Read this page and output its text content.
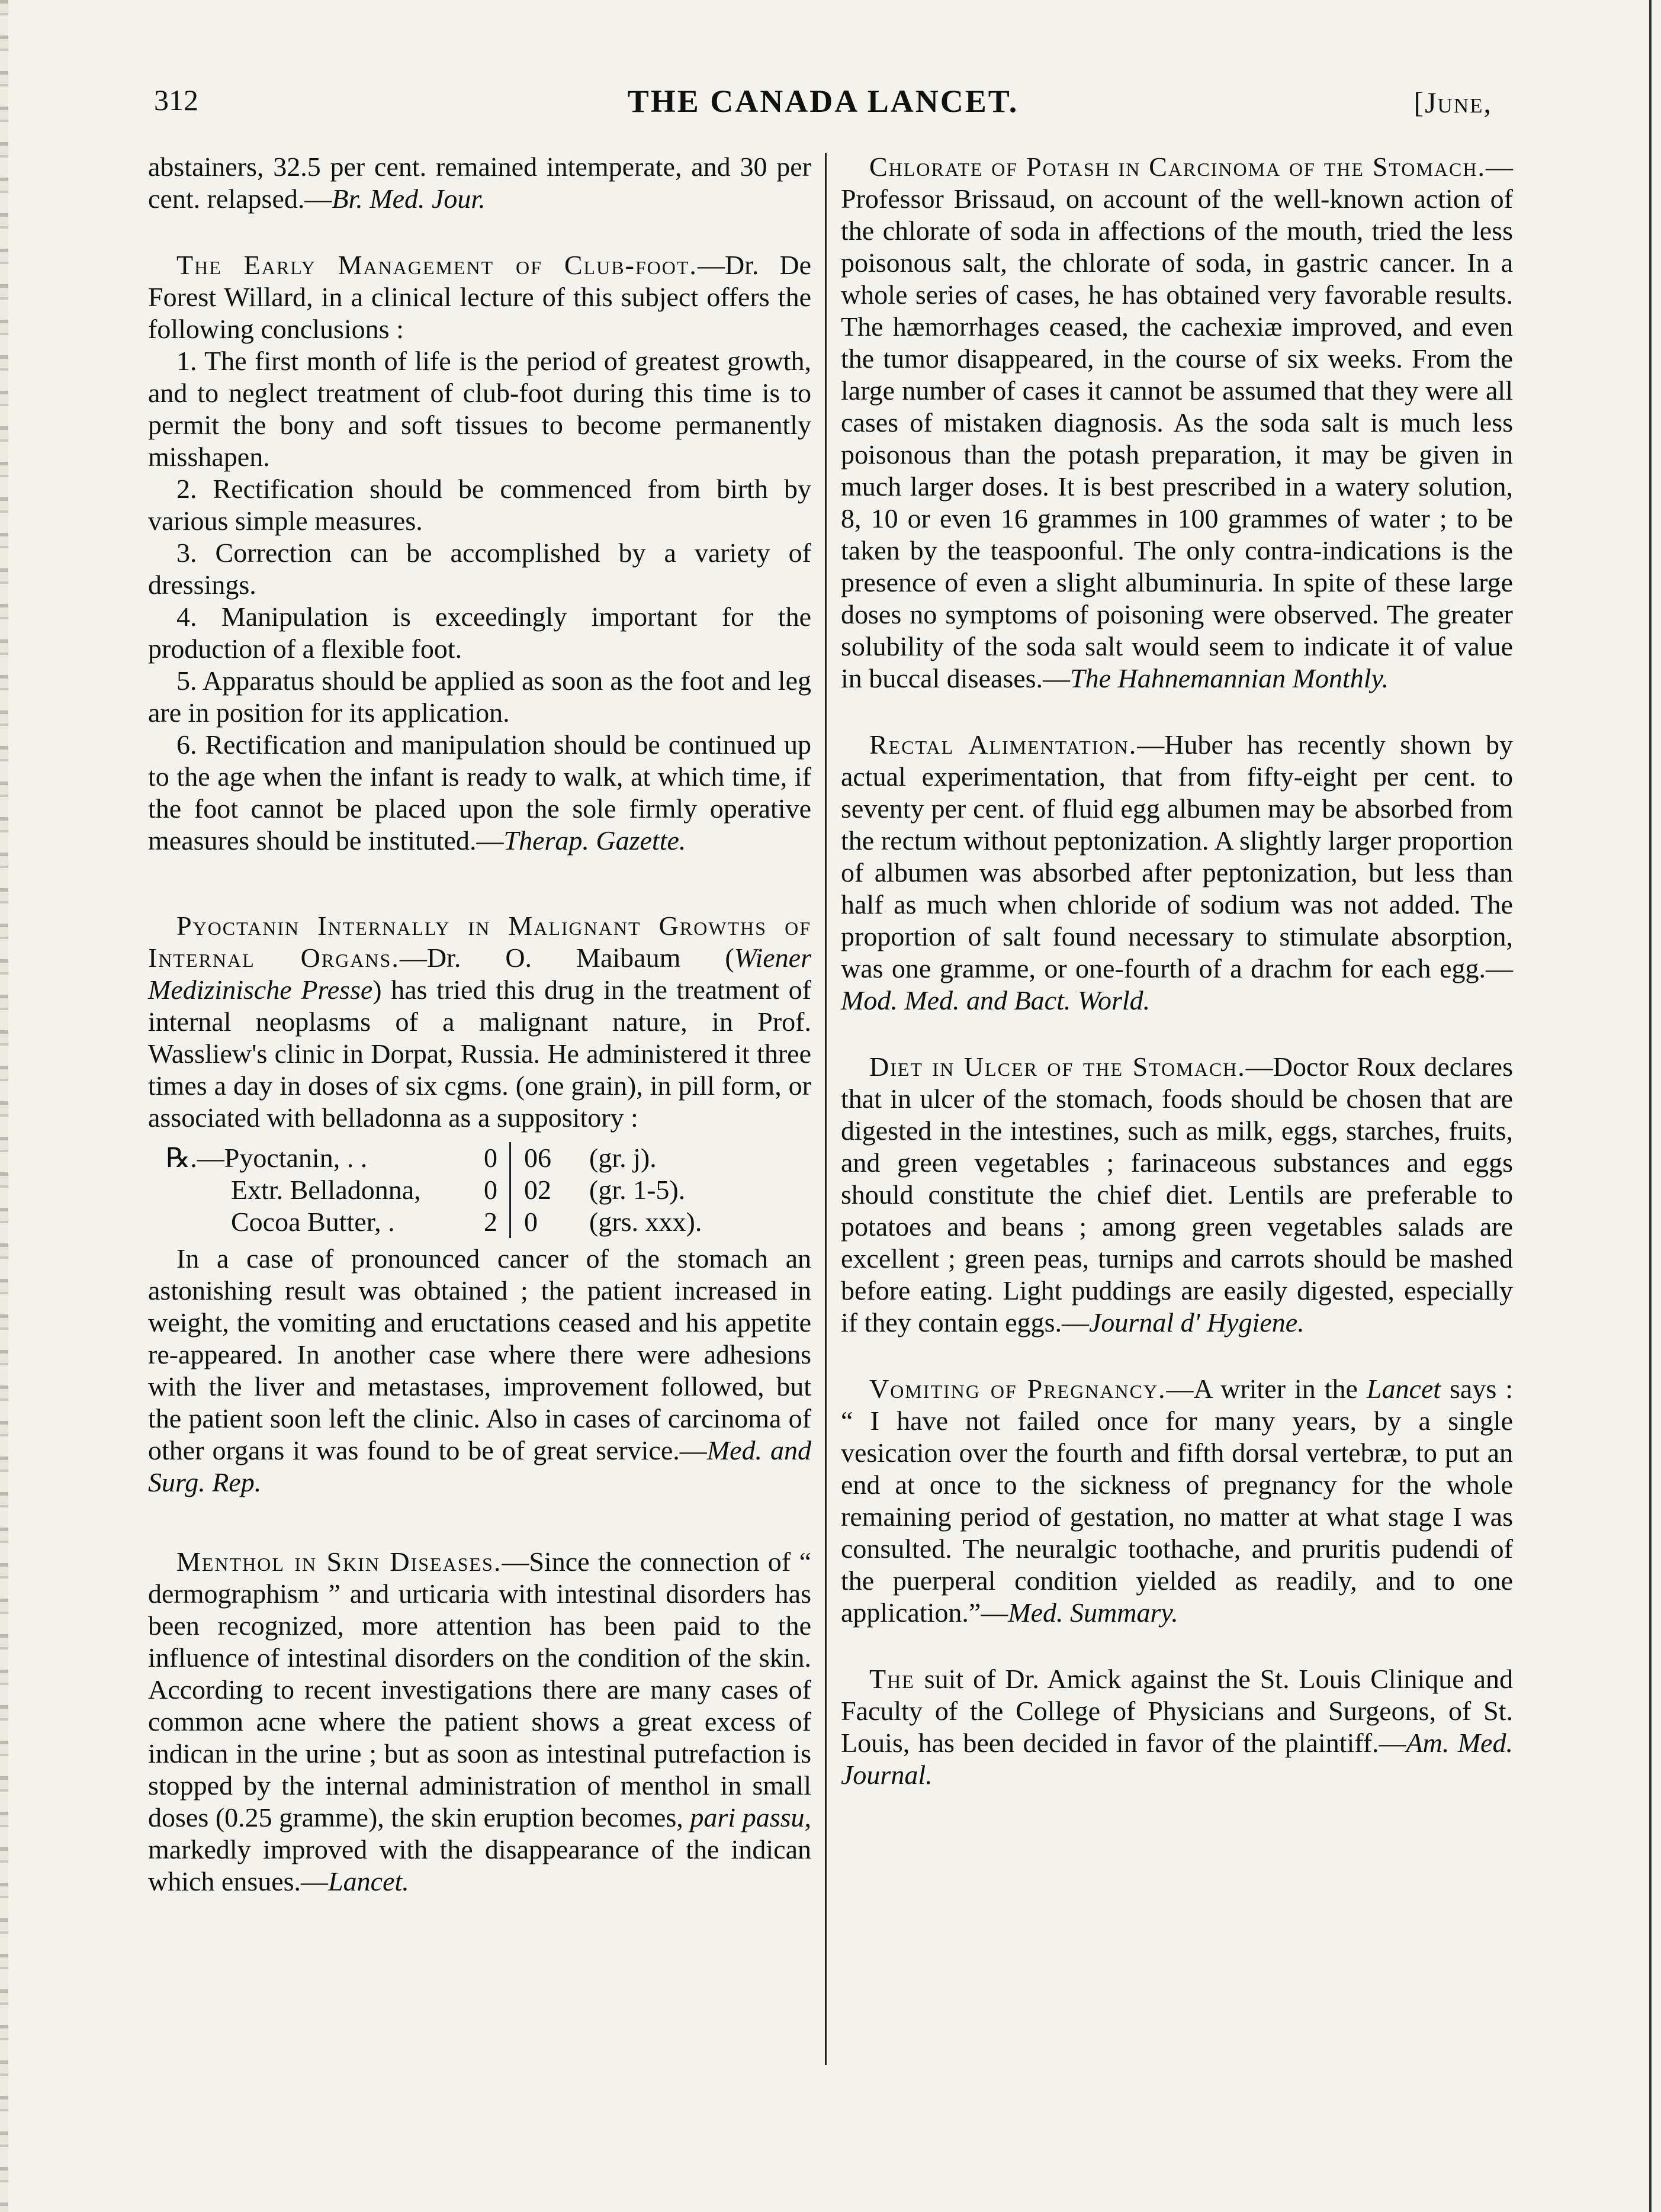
312	THE CANADA LANCET.	[June,

abstainers, 32.5 per cent. remained intemperate, and 30 per cent. relapsed.—Br. Med. Jour.

The Early Management of Club-foot.—Dr. De Forest Willard, in a clinical lecture of this subject offers the following conclusions :

1. The first month of life is the period of greatest growth, and to neglect treatment of club-foot during this time is to permit the bony and soft tissues to become permanently misshapen.

2. Rectification should be commenced from birth by various simple measures.

3. Correction can be accomplished by a variety of dressings.

4. Manipulation is exceedingly important for the production of a flexible foot.

5. Apparatus should be applied as soon as the foot and leg are in position for its application.

6. Rectification and manipulation should be continued up to the age when the infant is ready to walk, at which time, if the foot cannot be placed upon the sole firmly operative measures should be instituted.—Therap. Gazette.

Pyoctanin Internally in Malignant Growths of Internal Organs.—Dr. O. Maibaum (Wiener Medizinische Presse) has tried this drug in the treatment of internal neoplasms of a malignant nature, in Prof. Wassliew's clinic in Dorpat, Russia. He administered it three times a day in doses of six cgms. (one grain), in pill form, or associated with belladonna as a suppository :

℞.—Pyoctanin, . .	0 06	(gr. j).
Extr. Belladonna,	0 02	(gr. 1-5).
Cocoa Butter, .	2 0	(grs. xxx).

In a case of pronounced cancer of the stomach an astonishing result was obtained ; the patient increased in weight, the vomiting and eructations ceased and his appetite re-appeared. In another case where there were adhesions with the liver and metastases, improvement followed, but the patient soon left the clinic. Also in cases of carcinoma of other organs it was found to be of great service.—Med. and Surg. Rep.

Menthol in Skin Diseases.—Since the connection of “ dermographism ” and urticaria with intestinal disorders has been recognized, more attention has been paid to the influence of intestinal disorders on the condition of the skin. According to recent investigations there are many cases of common acne where the patient shows a great excess of indican in the urine ; but as soon as intestinal putrefaction is stopped by the internal administration of menthol in small doses (0.25 gramme), the skin eruption becomes, pari passu, markedly improved with the disappearance of the indican which ensues.—Lancet.

Chlorate of Potash in Carcinoma of the Stomach.—Professor Brissaud, on account of the well-known action of the chlorate of soda in affections of the mouth, tried the less poisonous salt, the chlorate of soda, in gastric cancer. In a whole series of cases, he has obtained very favorable results. The hæmorrhages ceased, the cachexiæ improved, and even the tumor disappeared, in the course of six weeks. From the large number of cases it cannot be assumed that they were all cases of mistaken diagnosis. As the soda salt is much less poisonous than the potash preparation, it may be given in much larger doses. It is best prescribed in a watery solution, 8, 10 or even 16 grammes in 100 grammes of water ; to be taken by the teaspoonful. The only contra-indications is the presence of even a slight albuminuria. In spite of these large doses no symptoms of poisoning were observed. The greater solubility of the soda salt would seem to indicate it of value in buccal diseases.—The Hahnemannian Monthly.

Rectal Alimentation.—Huber has recently shown by actual experimentation, that from fifty-eight per cent. to seventy per cent. of fluid egg albumen may be absorbed from the rectum without peptonization. A slightly larger proportion of albumen was absorbed after peptonization, but less than half as much when chloride of sodium was not added. The proportion of salt found necessary to stimulate absorption, was one gramme, or one-fourth of a drachm for each egg.—Mod. Med. and Bact. World.

Diet in Ulcer of the Stomach.—Doctor Roux declares that in ulcer of the stomach, foods should be chosen that are digested in the intestines, such as milk, eggs, starches, fruits, and green vegetables ; farinaceous substances and eggs should constitute the chief diet. Lentils are preferable to potatoes and beans ; among green vegetables salads are excellent ; green peas, turnips and carrots should be mashed before eating. Light puddings are easily digested, especially if they contain eggs.—Journal d' Hygiene.

Vomiting of Pregnancy.—A writer in the Lancet says : “ I have not failed once for many years, by a single vesication over the fourth and fifth dorsal vertebræ, to put an end at once to the sickness of pregnancy for the whole remaining period of gestation, no matter at what stage I was consulted. The neuralgic toothache, and pruritis pudendi of the puerperal condition yielded as readily, and to one application.”—Med. Summary.

The suit of Dr. Amick against the St. Louis Clinique and Faculty of the College of Physicians and Surgeons, of St. Louis, has been decided in favor of the plaintiff.—Am. Med. Journal.
